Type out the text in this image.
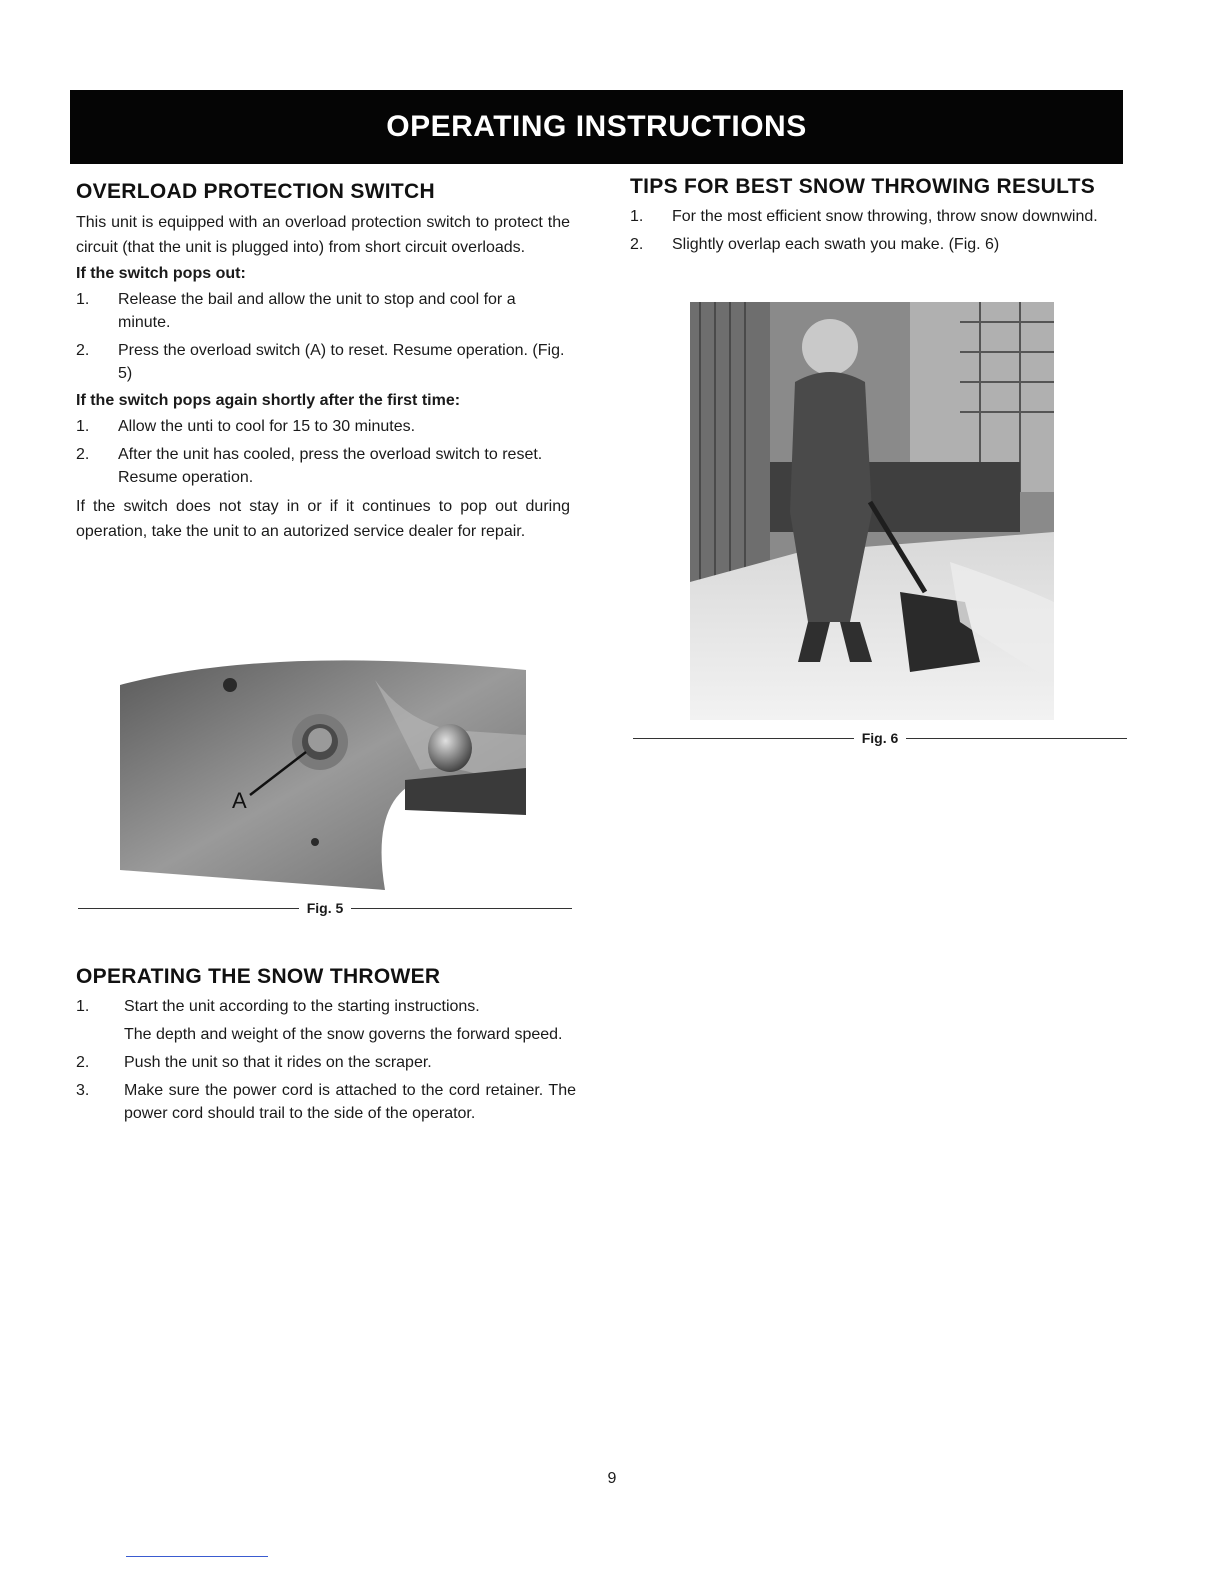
OPERATING INSTRUCTIONS
OVERLOAD PROTECTION SWITCH

This unit is equipped with an overload protection switch to protect the circuit (that the unit is plugged into) from short circuit overloads.

If the switch pops out:
1.	Release the bail and allow the unit to stop and cool for a minute.
2.	Press the overload switch (A) to reset. Resume operation. (Fig. 5)
If the switch pops again shortly after the first time:
1.	Allow the unti to cool for 15 to 30 minutes.
2.	After the unit has cooled, press the overload switch to reset. Resume operation.

If the switch does not stay in or if it continues to pop out during operation, take the unit to an autorized service dealer for repair.

A
Fig. 5
OPERATING THE SNOW THROWER
1.	Start the unit according to the starting instructions.
The depth and weight of the snow governs the forward speed.
2.	Push the unit so that it rides on the scraper.
3.	Make sure the power cord is attached to the cord retainer. The power cord should trail to the side of the operator.
TIPS FOR BEST SNOW THROWING RESULTS
1.	For the most efficient snow throwing, throw snow downwind.
2.	Slightly overlap each swath you make. (Fig. 6)
Fig. 6
9
